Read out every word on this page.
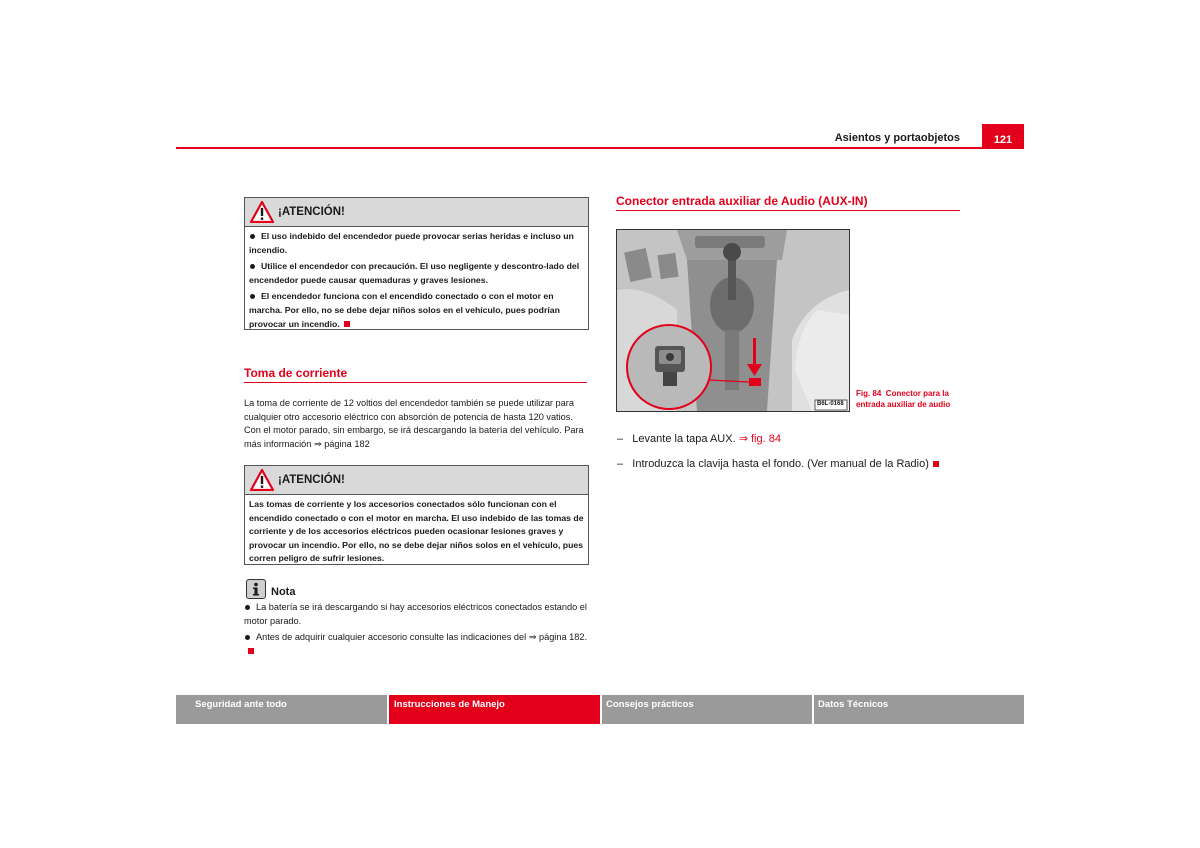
Asientos y portaobjetos	121
¡ATENCIÓN!

El uso indebido del encendedor puede provocar serias heridas e incluso un incendio.

Utilice el encendedor con precaución. El uso negligente y descontro-lado del encendedor puede causar quemaduras y graves lesiones.

El encendedor funciona con el encendido conectado o con el motor en marcha. Por ello, no se debe dejar niños solos en el vehículo, pues podrían provocar un incendio.

Toma de corriente

La toma de corriente de 12 voltios del encendedor también se puede utilizar para cualquier otro accesorio eléctrico con absorción de potencia de hasta 120 vatios. Con el motor parado, sin embargo, se irá descargando la batería del vehículo. Para más información ⇒ página 182

¡ATENCIÓN!

Las tomas de corriente y los accesorios conectados sólo funcionan con el encendido conectado o con el motor en marcha. El uso indebido de las tomas de corriente y de los accesorios eléctricos pueden ocasionar lesiones graves y provocar un incendio. Por ello, no se debe dejar niños solos en el vehículo, pues corren peligro de sufrir lesiones.

Nota

La batería se irá descargando si hay accesorios eléctricos conectados estando el motor parado.

Antes de adquirir cualquier accesorio consulte las indicaciones del ⇒ página 182.

Conector entrada auxiliar de Audio (AUX-IN)
B6L-0168
Fig. 84 Conector para la entrada auxiliar de audio
–   Levante la tapa AUX. ⇒ fig. 84
–   Introduzca la clavija hasta el fondo. (Ver manual de la Radio)
Seguridad ante todo	Instrucciones de Manejo	Consejos prácticos	Datos Técnicos
